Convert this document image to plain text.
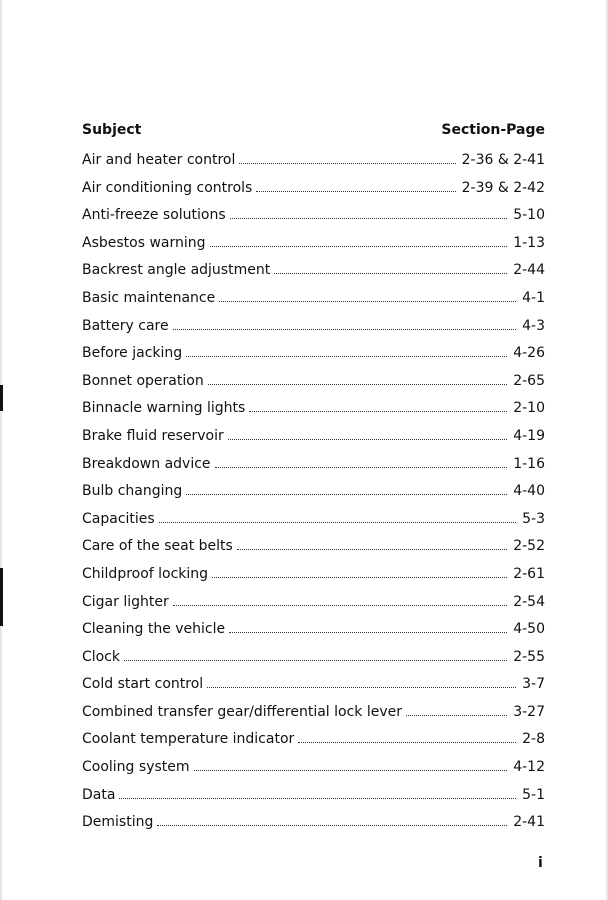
Subject	Section-Page
Air and heater control	2-36 & 2-41
Air conditioning controls	2-39 & 2-42
Anti-freeze solutions	5-10
Asbestos warning	1-13
Backrest angle adjustment	2-44
Basic maintenance	4-1
Battery care	4-3
Before jacking	4-26
Bonnet operation	2-65
Binnacle warning lights	2-10
Brake fluid reservoir	4-19
Breakdown advice	1-16
Bulb changing	4-40
Capacities	5-3
Care of the seat belts	2-52
Childproof locking	2-61
Cigar lighter	2-54
Cleaning the vehicle	4-50
Clock	2-55
Cold start control	3-7
Combined transfer gear/differential lock lever	3-27
Coolant temperature indicator	2-8
Cooling system	4-12
Data	5-1
Demisting	2-41
i
